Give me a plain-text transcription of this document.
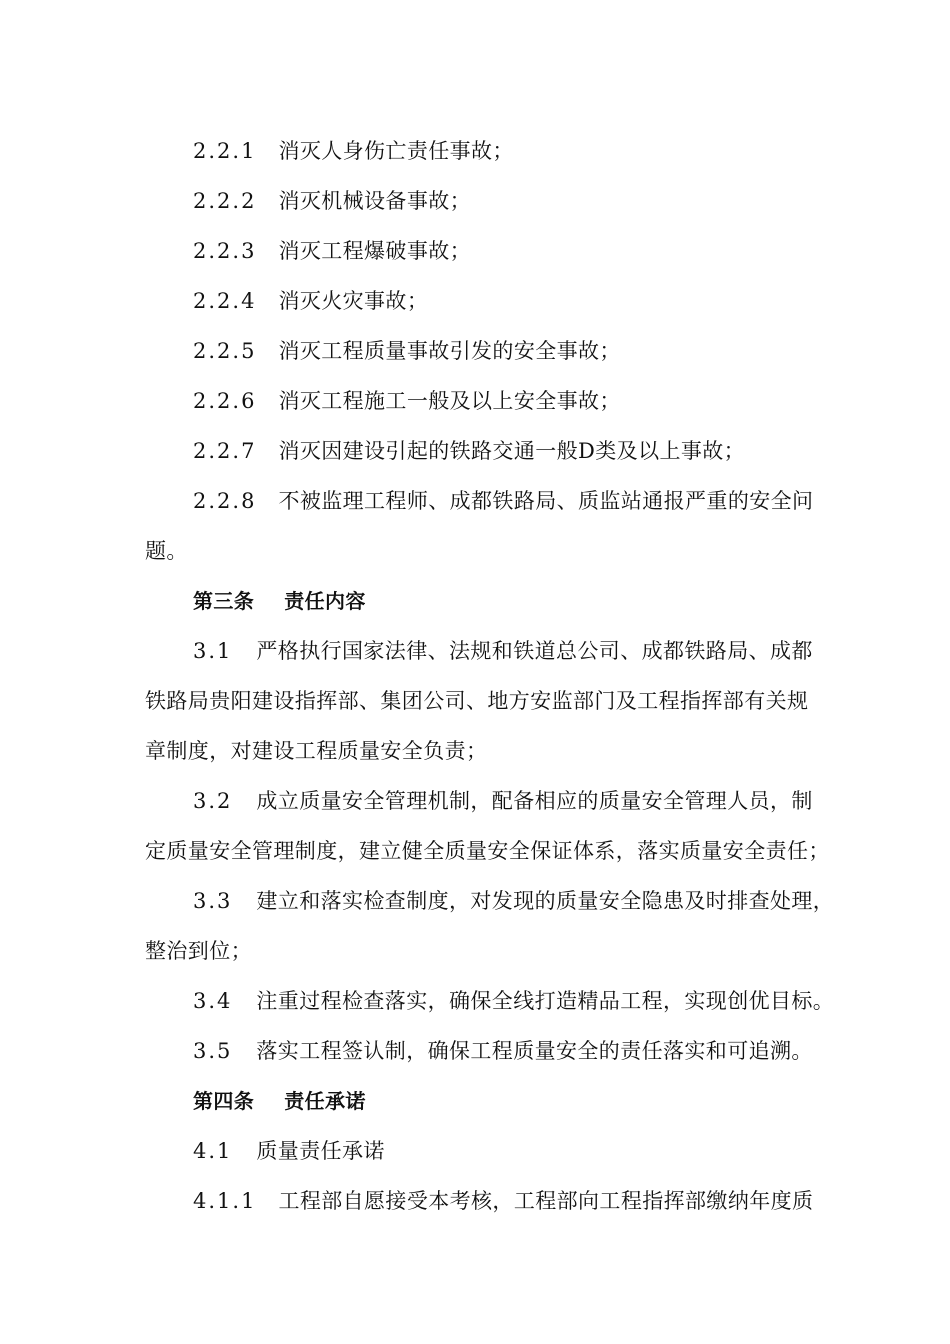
2.2.1 消灭人身伤亡责任事故；
2.2.2 消灭机械设备事故；
2.2.3 消灭工程爆破事故；
2.2.4 消灭火灾事故；
2.2.5 消灭工程质量事故引发的安全事故；
2.2.6 消灭工程施工一般及以上安全事故；
2.2.7 消灭因建设引起的铁路交通一般D类及以上事故；
2.2.8 不被监理工程师、成都铁路局、质监站通报严重的安全问
题。
第三条 责任内容
3.1 严格执行国家法律、法规和铁道总公司、成都铁路局、成都
铁路局贵阳建设指挥部、集团公司、地方安监部门及工程指挥部有关规
章制度，对建设工程质量安全负责；
3.2 成立质量安全管理机制，配备相应的质量安全管理人员，制
定质量安全管理制度，建立健全质量安全保证体系，落实质量安全责任；
3.3 建立和落实检查制度，对发现的质量安全隐患及时排查处理，
整治到位；
3.4 注重过程检查落实，确保全线打造精品工程，实现创优目标。
3.5 落实工程签认制，确保工程质量安全的责任落实和可追溯。
第四条 责任承诺
4.1 质量责任承诺
4.1.1 工程部自愿接受本考核，工程部向工程指挥部缴纳年度质
